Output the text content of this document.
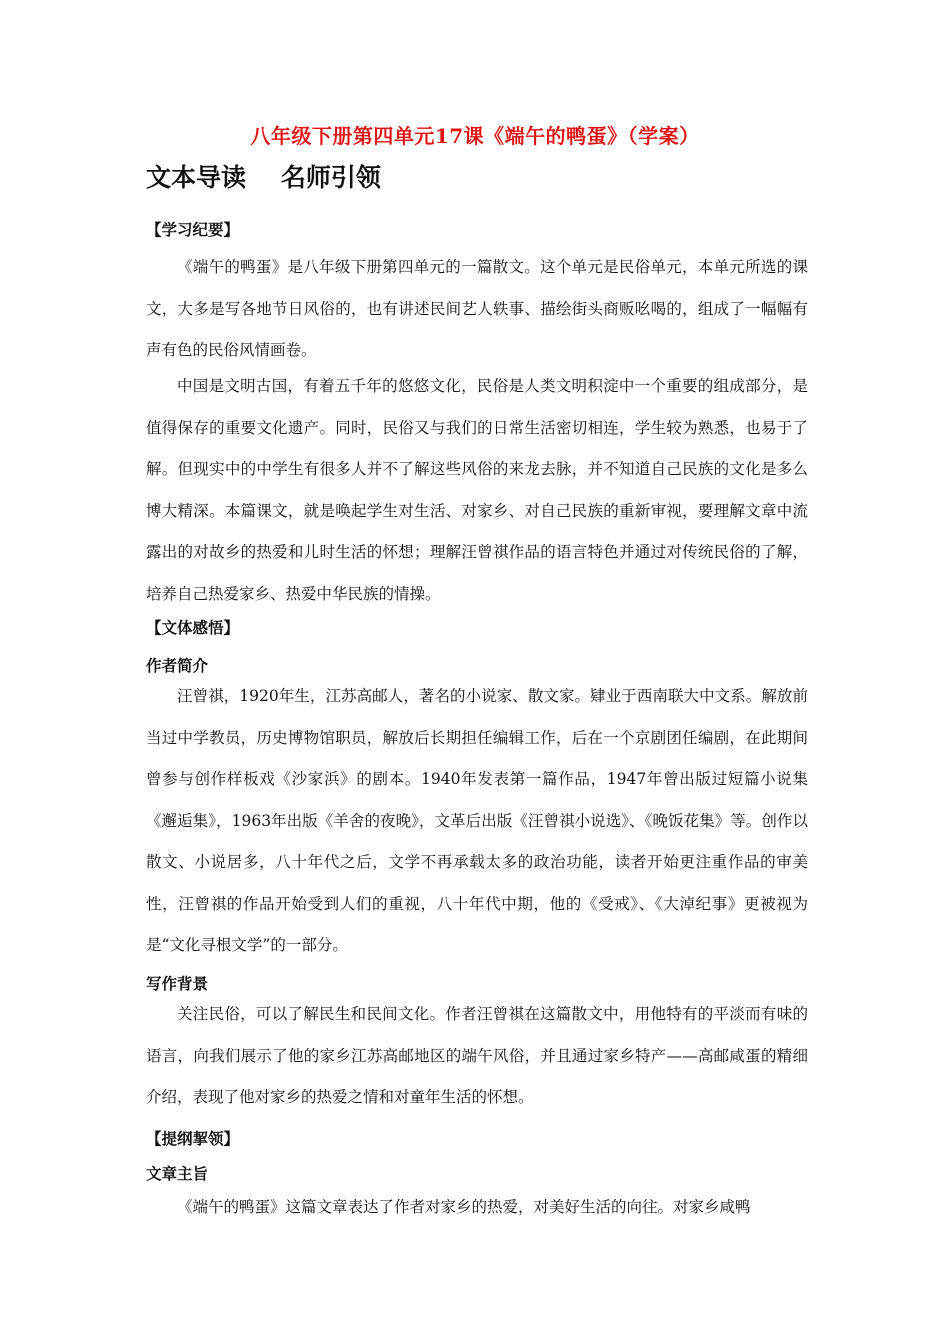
八年级下册第四单元17课《端午的鸭蛋》（学案）
文本导读    名师引领
【学习纪要】

《端午的鸭蛋》是八年级下册第四单元的一篇散文。这个单元是民俗单元，本单元所选的课文，大多是写各地节日风俗的，也有讲述民间艺人轶事、描绘街头商贩吆喝的，组成了一幅幅有声有色的民俗风情画卷。

中国是文明古国，有着五千年的悠悠文化，民俗是人类文明积淀中一个重要的组成部分，是值得保存的重要文化遗产。同时，民俗又与我们的日常生活密切相连，学生较为熟悉，也易于了解。但现实中的中学生有很多人并不了解这些风俗的来龙去脉，并不知道自己民族的文化是多么博大精深。本篇课文，就是唤起学生对生活、对家乡、对自己民族的重新审视，要理解文章中流露出的对故乡的热爱和儿时生活的怀想；理解汪曾祺作品的语言特色并通过对传统民俗的了解，培养自己热爱家乡、热爱中华民族的情操。

【文体感悟】
作者简介

汪曾祺，1920年生，江苏高邮人，著名的小说家、散文家。肄业于西南联大中文系。解放前当过中学教员，历史博物馆职员，解放后长期担任编辑工作，后在一个京剧团任编剧，在此期间曾参与创作样板戏《沙家浜》的剧本。1940年发表第一篇作品，1947年曾出版过短篇小说集《邂逅集》，1963年出版《羊舍的夜晚》，文革后出版《汪曾祺小说选》、《晚饭花集》等。创作以散文、小说居多，八十年代之后，文学不再承载太多的政治功能，读者开始更注重作品的审美性，汪曾祺的作品开始受到人们的重视，八十年代中期，他的《受戒》、《大淖纪事》更被视为是“文化寻根文学”的一部分。

写作背景

关注民俗，可以了解民生和民间文化。作者汪曾祺在这篇散文中，用他特有的平淡而有味的语言，向我们展示了他的家乡江苏高邮地区的端午风俗，并且通过家乡特产——高邮咸蛋的精细介绍，表现了他对家乡的热爱之情和对童年生活的怀想。

【提纲挈领】
文章主旨

《端午的鸭蛋》这篇文章表达了作者对家乡的热爱，对美好生活的向往。对家乡咸鸭
